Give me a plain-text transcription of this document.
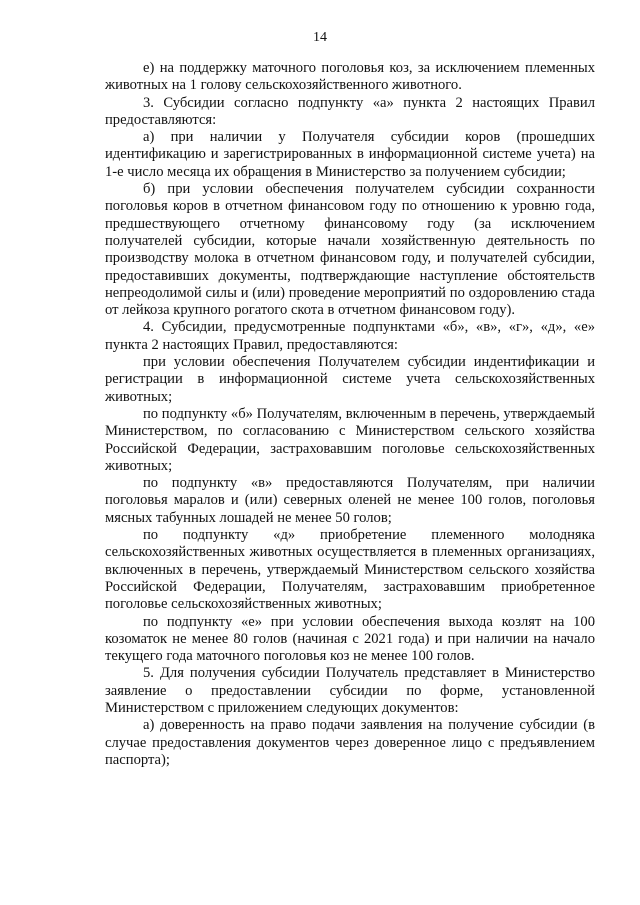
14

е) на поддержку маточного поголовья коз, за исключением племенных животных на 1 голову сельскохозяйственного животного.

3. Субсидии согласно подпункту «а» пункта 2 настоящих Правил предоставляются:

а) при наличии у Получателя субсидии коров (прошедших идентификацию и зарегистрированных в информационной системе учета) на 1-е число месяца их обращения в Министерство за получением субсидии;

б) при условии обеспечения получателем субсидии сохранности поголовья коров в отчетном финансовом году по отношению к уровню года, предшествующего отчетному финансовому году (за исключением получателей субсидии, которые начали хозяйственную деятельность по производству молока в отчетном финансовом году, и получателей субсидии, предоставивших документы, подтверждающие наступление обстоятельств непреодолимой силы и (или) проведение мероприятий по оздоровлению стада от лейкоза крупного рогатого скота в отчетном финансовом году).

4. Субсидии, предусмотренные подпунктами «б», «в», «г», «д», «е» пункта 2 настоящих Правил, предоставляются:

при условии обеспечения Получателем субсидии индентификации и регистрации в информационной системе учета сельскохозяйственных животных;

по подпункту «б» Получателям, включенным в перечень, утверждаемый Министерством, по согласованию с Министерством сельского хозяйства Российской Федерации, застраховавшим поголовье сельскохозяйственных животных;

по подпункту «в» предоставляются Получателям, при наличии поголовья маралов и (или) северных оленей не менее 100 голов, поголовья мясных табунных лошадей не менее 50 голов;

по подпункту «д» приобретение племенного молодняка сельскохозяйственных животных осуществляется в племенных организациях, включенных в перечень, утверждаемый Министерством сельского хозяйства Российской Федерации, Получателям, застраховавшим приобретенное поголовье сельскохозяйственных животных;

по подпункту «е» при условии обеспечения выхода козлят на 100 козоматок не менее 80 голов (начиная с 2021 года) и при наличии на начало текущего года маточного поголовья коз не менее 100 голов.

5. Для получения субсидии Получатель представляет в Министерство заявление о предоставлении субсидии по форме, установленной Министерством с приложением следующих документов:

а) доверенность на право подачи заявления на получение субсидии (в случае предоставления документов через доверенное лицо с предъявлением паспорта);
